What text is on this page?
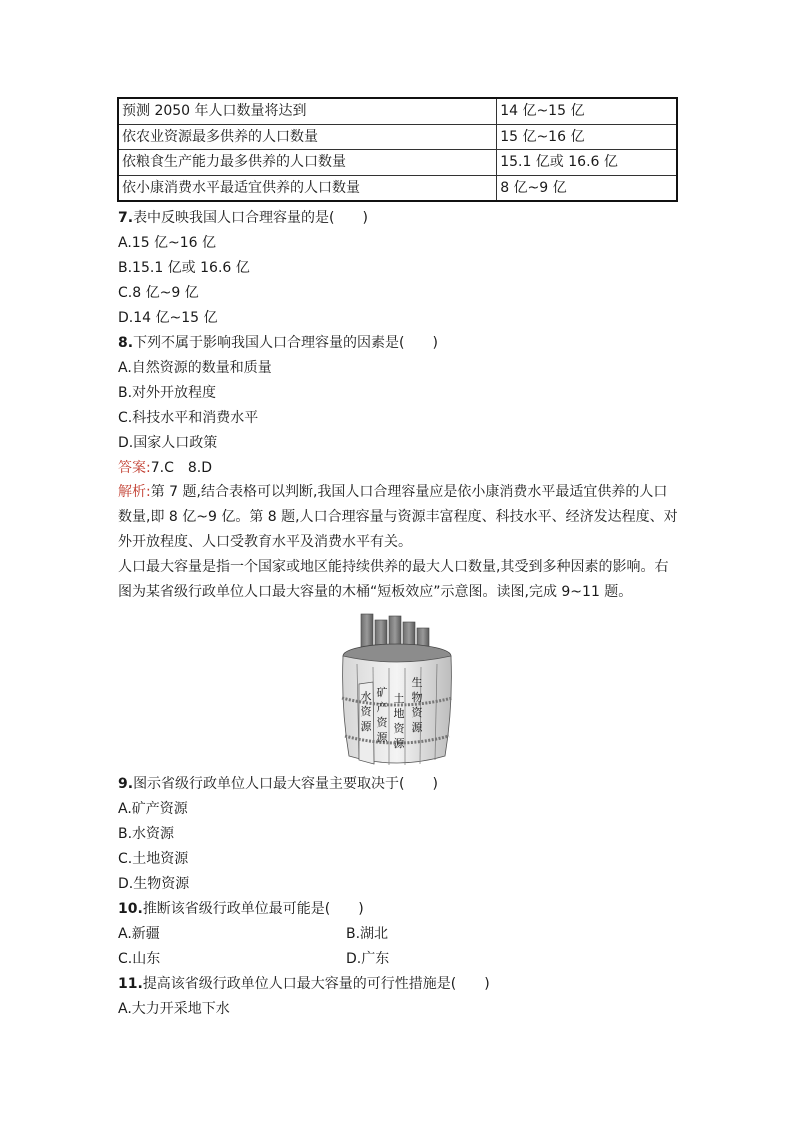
预测 2050 年人口数量将达到	14 亿~15 亿
依农业资源最多供养的人口数量	15 亿~16 亿
依粮食生产能力最多供养的人口数量	15.1 亿或 16.6 亿
依小康消费水平最适宜供养的人口数量	8 亿~9 亿
7.表中反映我国人口合理容量的是(　　)
A.15 亿~16 亿
B.15.1 亿或 16.6 亿
C.8 亿~9 亿
D.14 亿~15 亿
8.下列不属于影响我国人口合理容量的因素是(　　)
A.自然资源的数量和质量
B.对外开放程度
C.科技水平和消费水平
D.国家人口政策
答案:7.C　8.D
解析:第 7 题,结合表格可以判断,我国人口合理容量应是依小康消费水平最适宜供养的人口数量,即 8 亿~9 亿。第 8 题,人口合理容量与资源丰富程度、科技水平、经济发达程度、对外开放程度、人口受教育水平及消费水平有关。
人口最大容量是指一个国家或地区能持续供养的最大人口数量,其受到多种因素的影响。右图为某省级行政单位人口最大容量的木桶“短板效应”示意图。读图,完成 9~11 题。
水资源
矿产资源
土地资源
生物资源
9.图示省级行政单位人口最大容量主要取决于(　　)
A.矿产资源
B.水资源
C.土地资源
D.生物资源
10.推断该省级行政单位最可能是(　　)
A.新疆	B.湖北
C.山东	D.广东
11.提高该省级行政单位人口最大容量的可行性措施是(　　)
A.大力开采地下水
